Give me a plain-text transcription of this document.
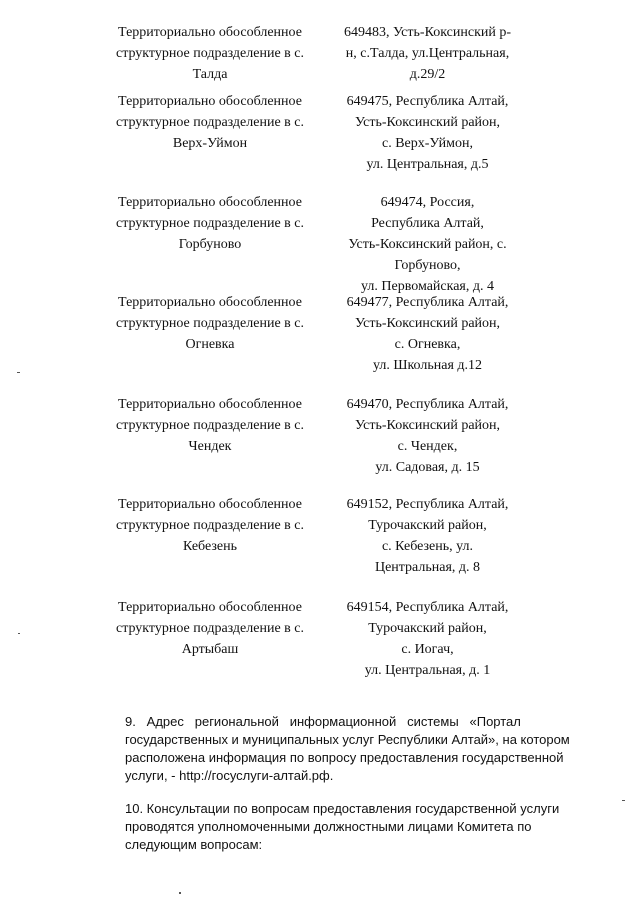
Территориально обособленное
структурное подразделение в с.
Талда
649483, Усть-Коксинский р-
н, с.Талда, ул.Центральная,
д.29/2
Территориально обособленное
структурное подразделение в с.
Верх-Уймон
649475, Республика Алтай,
Усть-Коксинский район,
с. Верх-Уймон,
ул. Центральная, д.5
Территориально обособленное
структурное подразделение в с.
Горбуново
649474, Россия,
Республика Алтай,
Усть-Коксинский район, с.
Горбуново,
ул. Первомайская, д. 4
Территориально обособленное
структурное подразделение в с.
Огневка
649477, Республика Алтай,
Усть-Коксинский район,
с. Огневка,
ул. Школьная д.12
Территориально обособленное
структурное подразделение в с.
Чендек
649470, Республика Алтай,
Усть-Коксинский район,
с. Чендек,
ул. Садовая, д. 15
Территориально обособленное
структурное подразделение в с.
Кебезень
649152, Республика Алтай,
Турочакский район,
с. Кебезень, ул.
Центральная, д. 8
Территориально обособленное
структурное подразделение в с.
Артыбаш
649154, Республика Алтай,
Турочакский район,
с. Иогач,
ул. Центральная, д. 1
9.   Адрес   региональной   информационной   системы   «Портал
государственных и муниципальных услуг Республики Алтай», на котором
расположена информация по вопросу предоставления государственной
услуги, - http://госуслуги-алтай.рф.
10. Консультации по вопросам предоставления государственной услуги
проводятся уполномоченными должностными лицами Комитета по
следующим вопросам:
